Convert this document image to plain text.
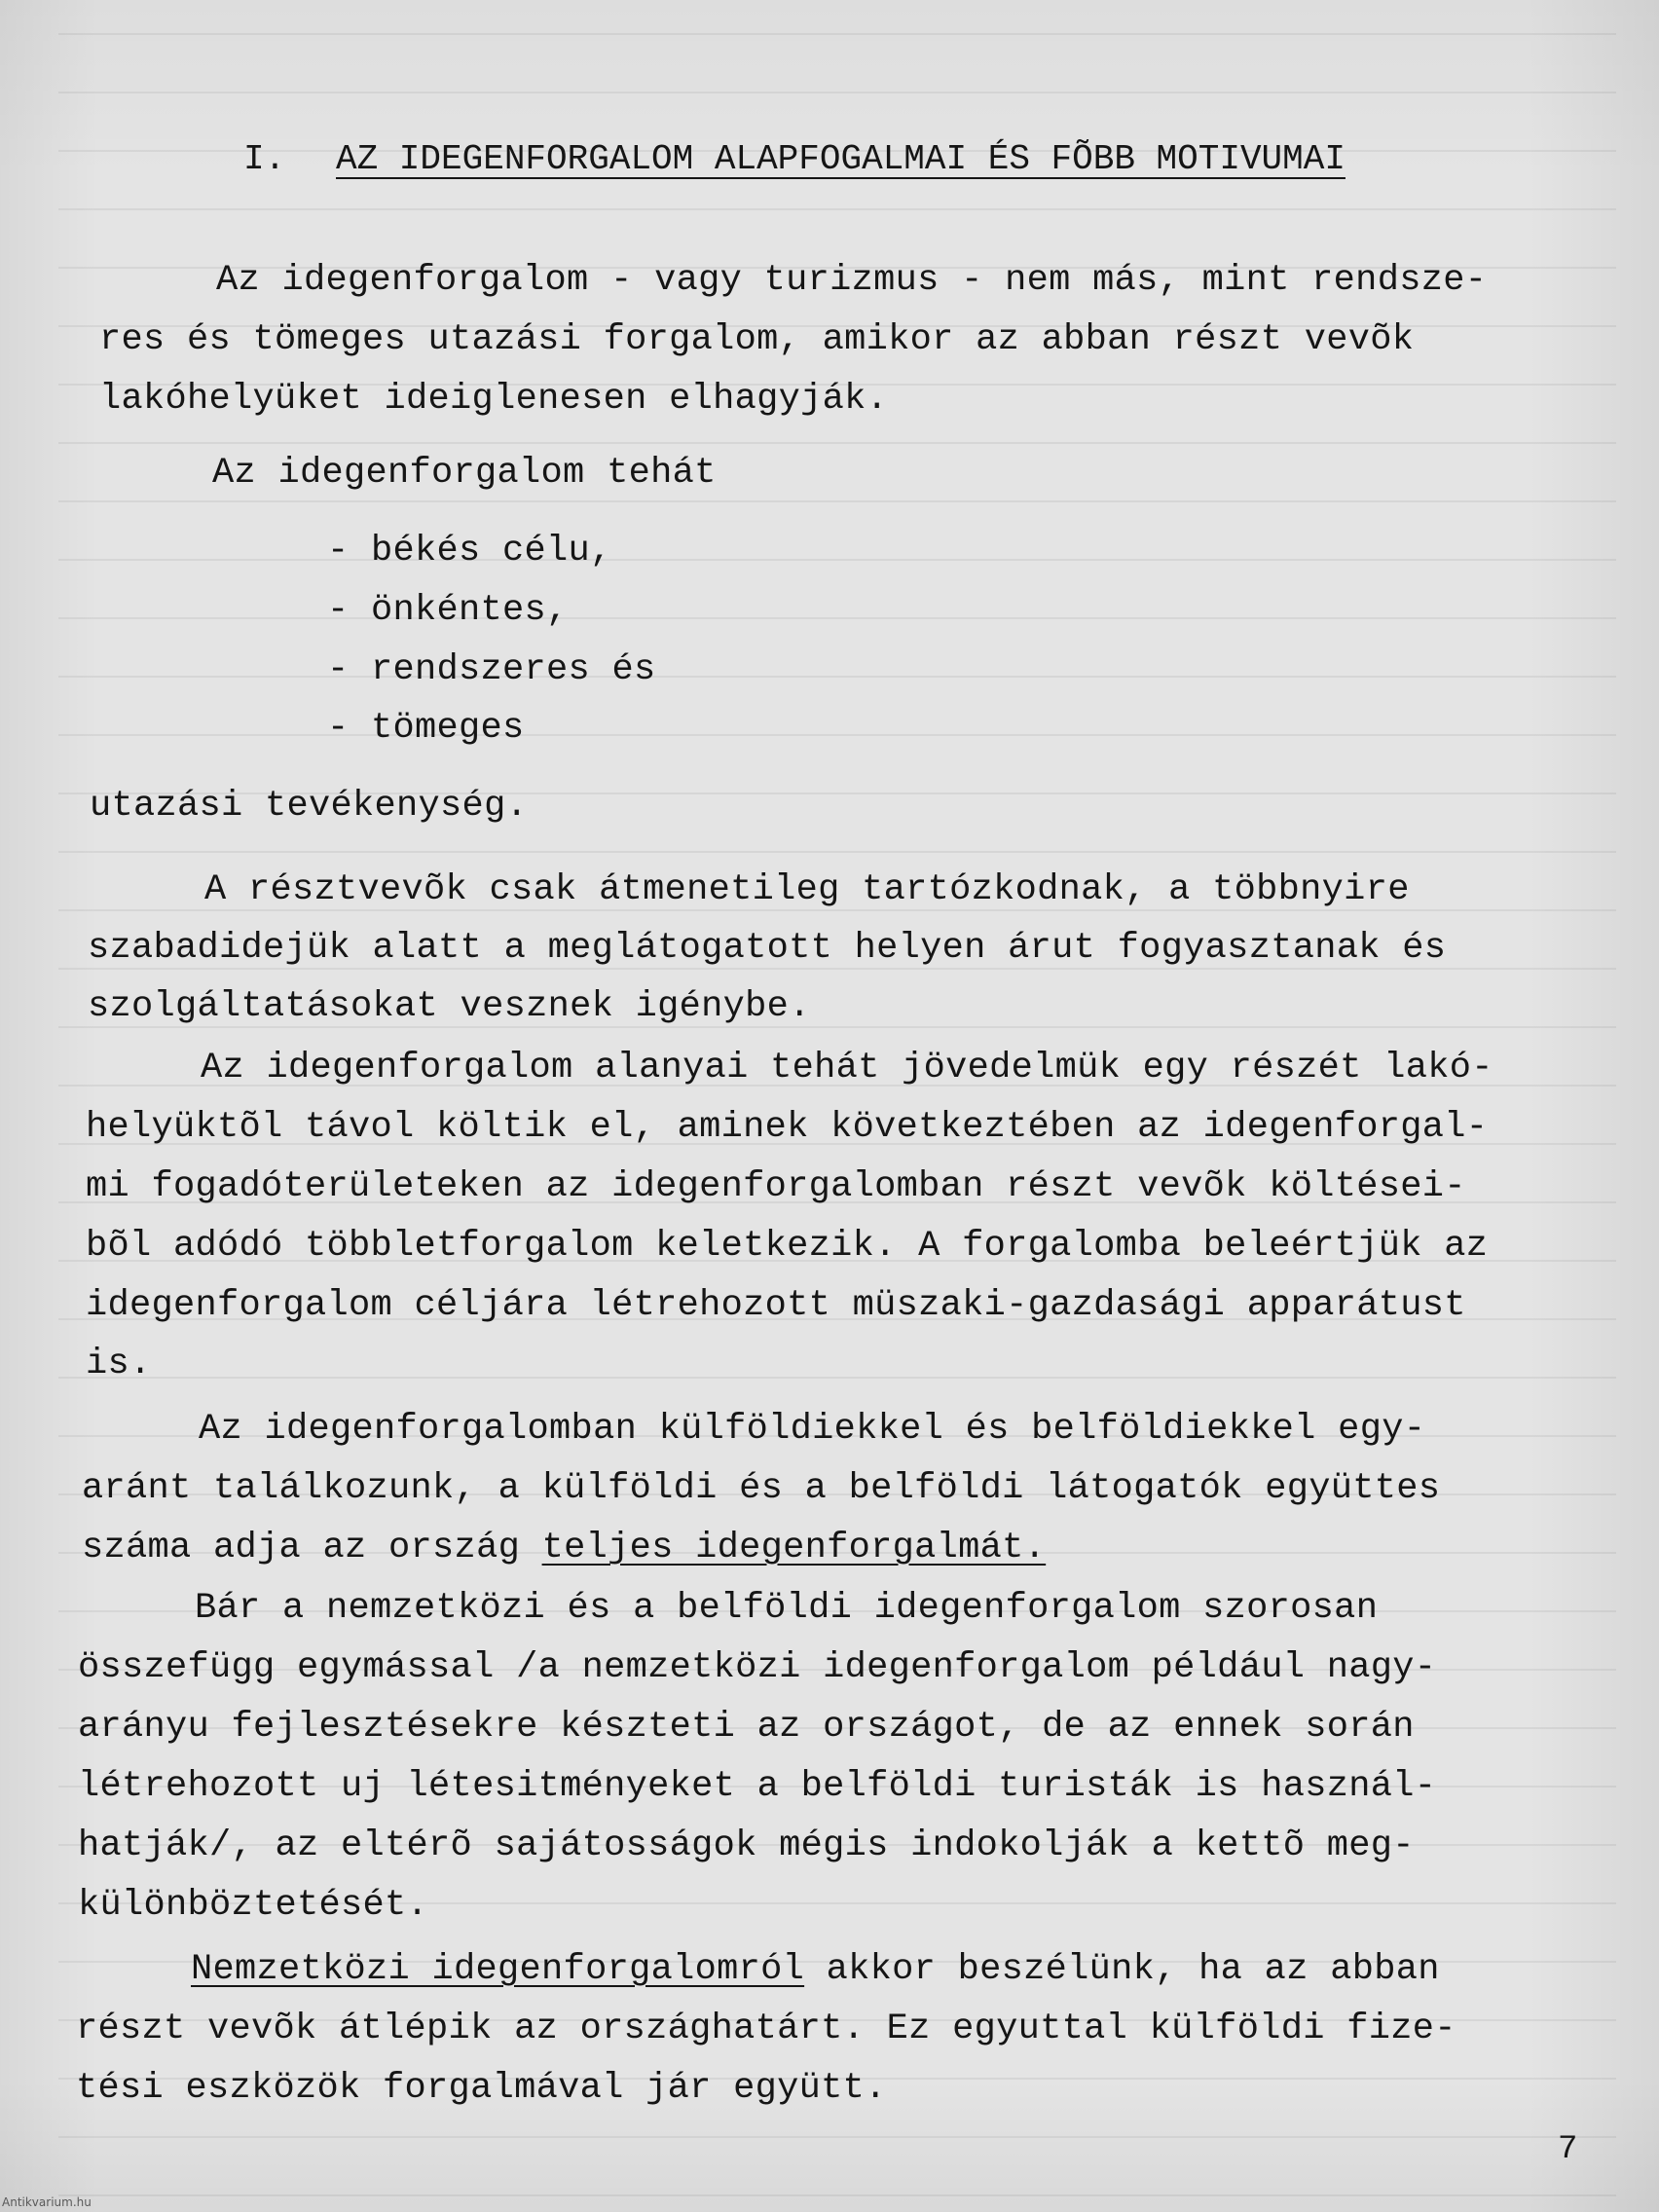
I. AZ IDEGENFORGALOM ALAPFOGALMAI ÉS FÕBB MOTIVUMAI
Az idegenforgalom - vagy turizmus - nem más, mint rendsze-
res és tömeges utazási forgalom, amikor az abban részt vevõk
lakóhelyüket ideiglenesen elhagyják.
Az idegenforgalom tehát
- békés célu,
- önkéntes,
- rendszeres és
- tömeges
utazási tevékenység.
A résztvevõk csak átmenetileg tartózkodnak, a többnyire
szabadidejük alatt a meglátogatott helyen árut fogyasztanak és
szolgáltatásokat vesznek igénybe.
Az idegenforgalom alanyai tehát jövedelmük egy részét lakó-
helyüktõl távol költik el, aminek következtében az idegenforgal-
mi fogadóterületeken az idegenforgalomban részt vevõk költései-
bõl adódó többletforgalom keletkezik. A forgalomba beleértjük az
idegenforgalom céljára létrehozott müszaki-gazdasági apparátust
is.
Az idegenforgalomban külföldiekkel és belföldiekkel egy-
aránt találkozunk, a külföldi és a belföldi látogatók együttes
száma adja az ország teljes idegenforgalmát.
Bár a nemzetközi és a belföldi idegenforgalom szorosan
összefügg egymással /a nemzetközi idegenforgalom például nagy-
arányu fejlesztésekre készteti az országot, de az ennek során
létrehozott uj létesitményeket a belföldi turisták is használ-
hatják/, az eltérõ sajátosságok mégis indokolják a kettõ meg-
különböztetését.
Nemzetközi idegenforgalomról akkor beszélünk, ha az abban
részt vevõk átlépik az országhatárt. Ez egyuttal külföldi fize-
tési eszközök forgalmával jár együtt.
7
Antikvarium.hu
